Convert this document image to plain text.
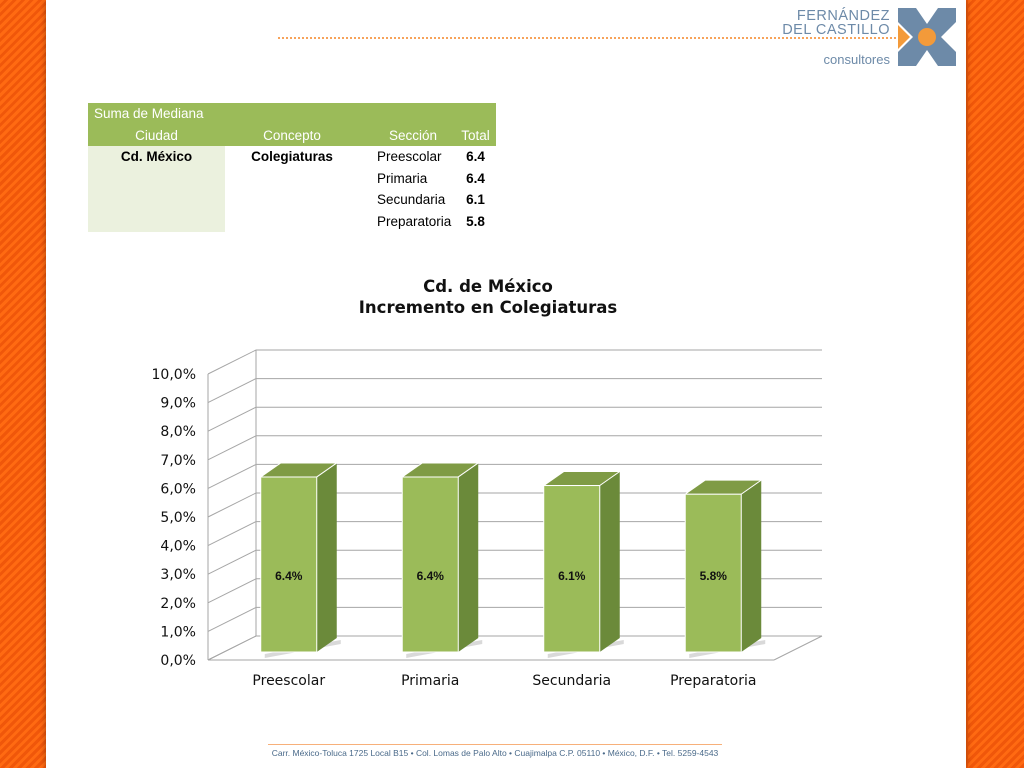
FERNÁNDEZ
DEL CASTILLO
consultores
Suma de Mediana			
Ciudad	Concepto	Sección	Total
Cd. México	Colegiaturas	Preescolar	6.4
		Primaria	6.4
		Secundaria	6.1
		Preparatoria	5.8
Cd. de México
Incremento en Colegiaturas
0,0%
1,0%
2,0%
3,0%
4,0%
5,0%
6,0%
7,0%
8,0%
9,0%
10,0%
6.4%	6.4%	6.1%	5.8%
Preescolar	Primaria	Secundaria	Preparatoria
Carr. México-Toluca 1725 Local B15 • Col. Lomas de Palo Alto • Cuajimalpa C.P. 05110 • México, D.F. • Tel. 5259-4543
